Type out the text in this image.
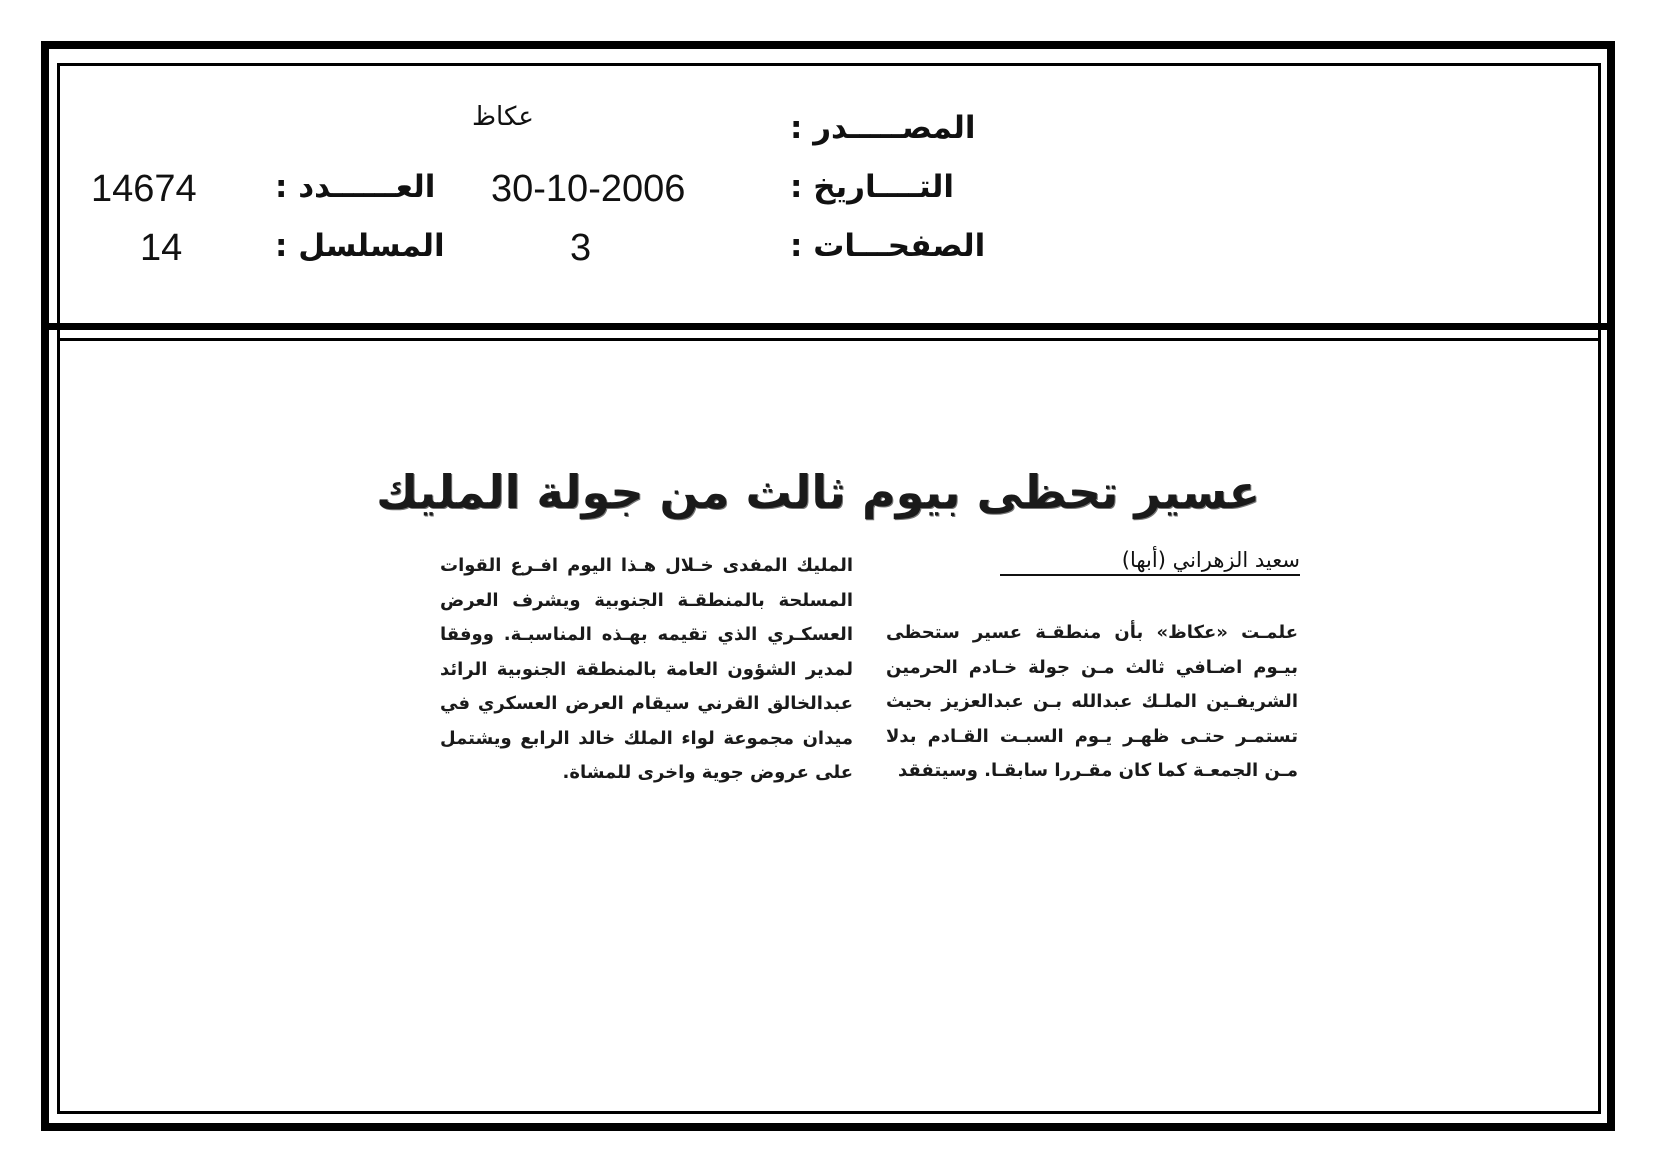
المصـــــدر :
عكاظ
التــــاريخ :
30-10-2006
الصفحـــات :
3
العــــــدد :
14674
المسلسل :
14
عسير تحظى بيوم ثالث من جولة المليك
سعيد الزهراني (أبها)
علمـت «عكاظ» بأن منطقـة عسير ستحظى بيـوم اضـافي ثالث مـن جولة خـادم الحرمين الشريفـين الملـك عبدالله بـن عبدالعزيز بحيث تستمـر حتـى ظهـر يـوم السبـت القـادم بدلا مـن الجمعـة كما كان مقـررا سابقـا. وسيتفقد
المليك المفدى خـلال هـذا اليوم افـرع القوات المسلحة بالمنطقـة الجنوبية ويشرف العرض العسكـري الذي تقيمه بهـذه المناسبـة. ووفقا لمدير الشؤون العامة بالمنطقة الجنوبية الرائد عبدالخالق القرني سيقام العرض العسكري في ميدان مجموعة لواء الملك خالد الرابع ويشتمل على عروض جوية واخرى للمشاة.
